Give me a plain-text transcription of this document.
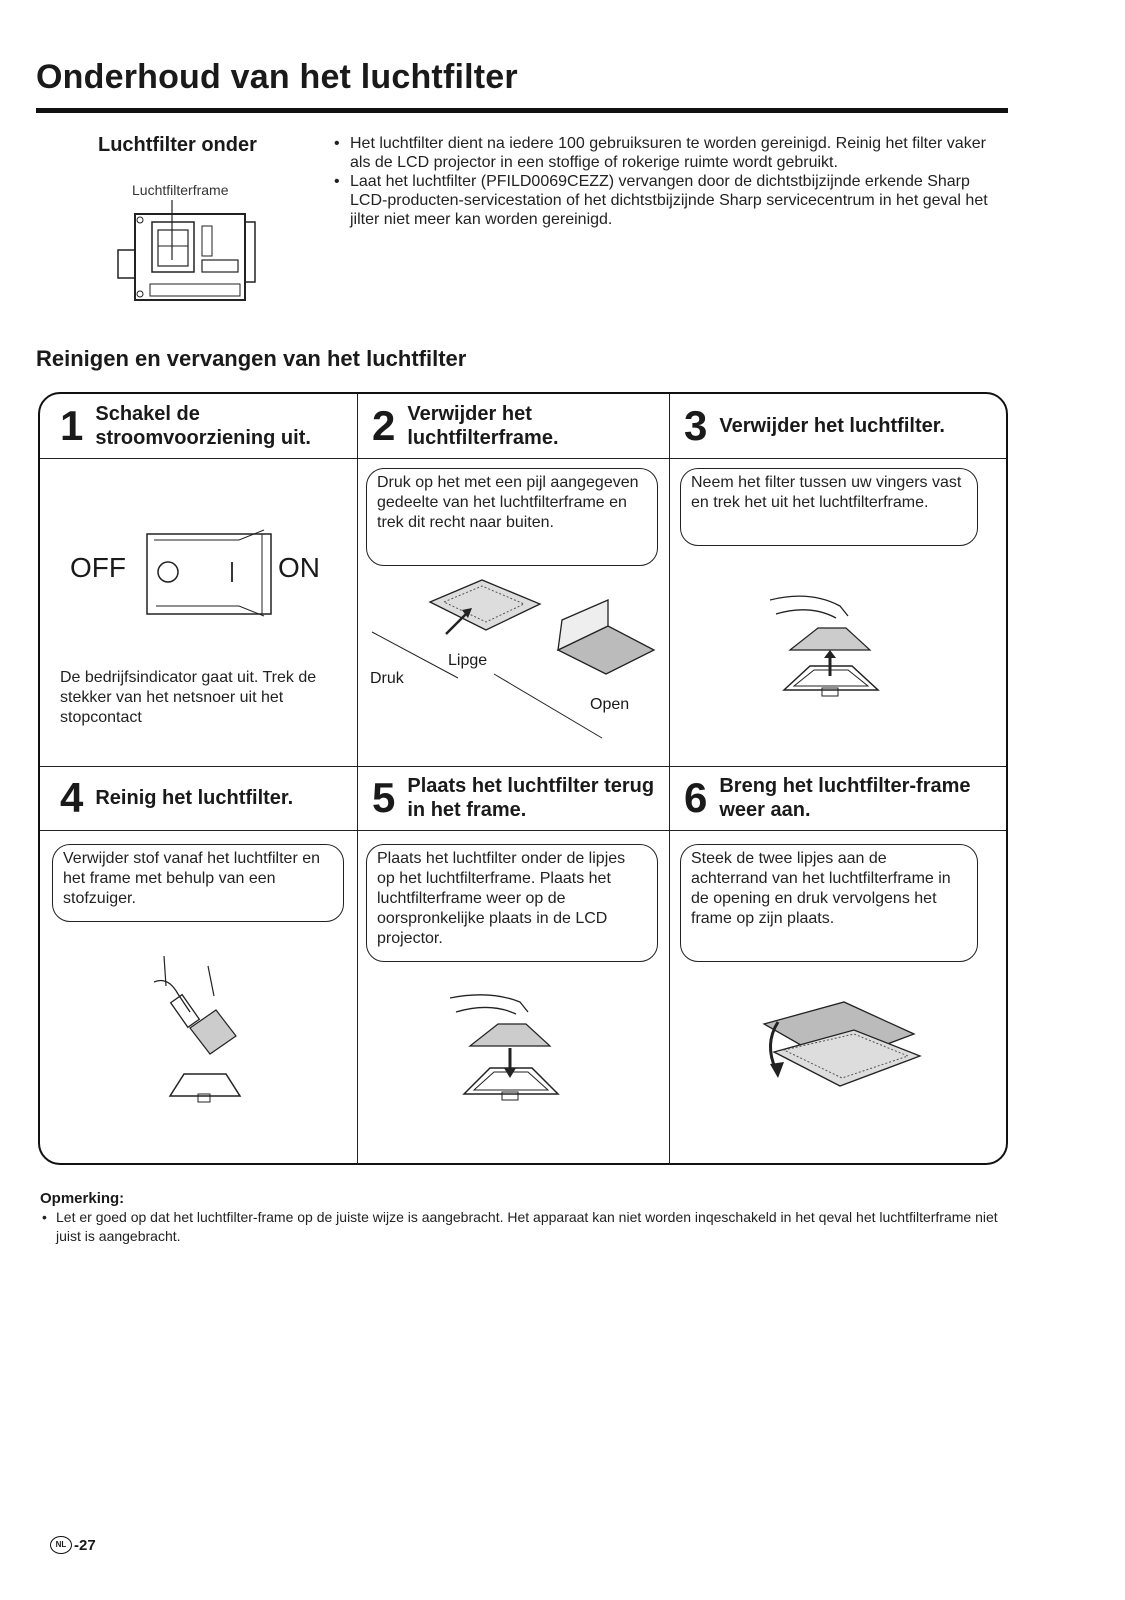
Onderhoud van het luchtfilter
Luchtfilter onder
Luchtfilterframe
• Het luchtfilter dient na iedere 100 gebruiksuren te worden gereinigd. Reinig het filter vaker als de LCD projector in een stoffige of rokerige ruimte wordt gebruikt.
• Laat het luchtfilter (PFILD0069CEZZ) vervangen door de dichtstbijzijnde erkende Sharp LCD-producten-servicestation of het dichtstbijzijnde Sharp servicecentrum in het geval het jilter niet meer kan worden gereinigd.
Reinigen en vervangen van het luchtfilter
1 Schakel de stroomvoorziening uit.	2 Verwijder het luchtfilterframe.	3 Verwijder het luchtfilter.
4 Reinig het luchtfilter. 5 Plaats het luchtfilter terug in het frame.	6 Breng het luchtfilter-frame weer aan.
OFF	ON
De bedrijfsindicator gaat uit. Trek de stekker van het netsnoer uit het stopcontact
Druk op het met een pijl aangegeven gedeelte van het luchtfilterframe en trek dit recht naar buiten.
Druk
Lipge
Open
Neem het filter tussen uw vingers vast en trek het uit het luchtfilterframe.
Verwijder stof vanaf het luchtfilter en het frame met behulp van een stofzuiger.
Plaats het luchtfilter onder de lipjes op het luchtfilterframe. Plaats het luchtfilterframe weer op de oorspronkelijke plaats in de LCD projector.
Steek de twee lipjes aan de achterrand van het luchtfilterframe in de opening en druk vervolgens het frame op zijn plaats.
Opmerking:
• Let er goed op dat het luchtfilter-frame op de juiste wijze is aangebracht. Het apparaat kan niet worden inqeschakeld in het qeval het luchtfilterframe niet juist is aangebracht.
NL -27
